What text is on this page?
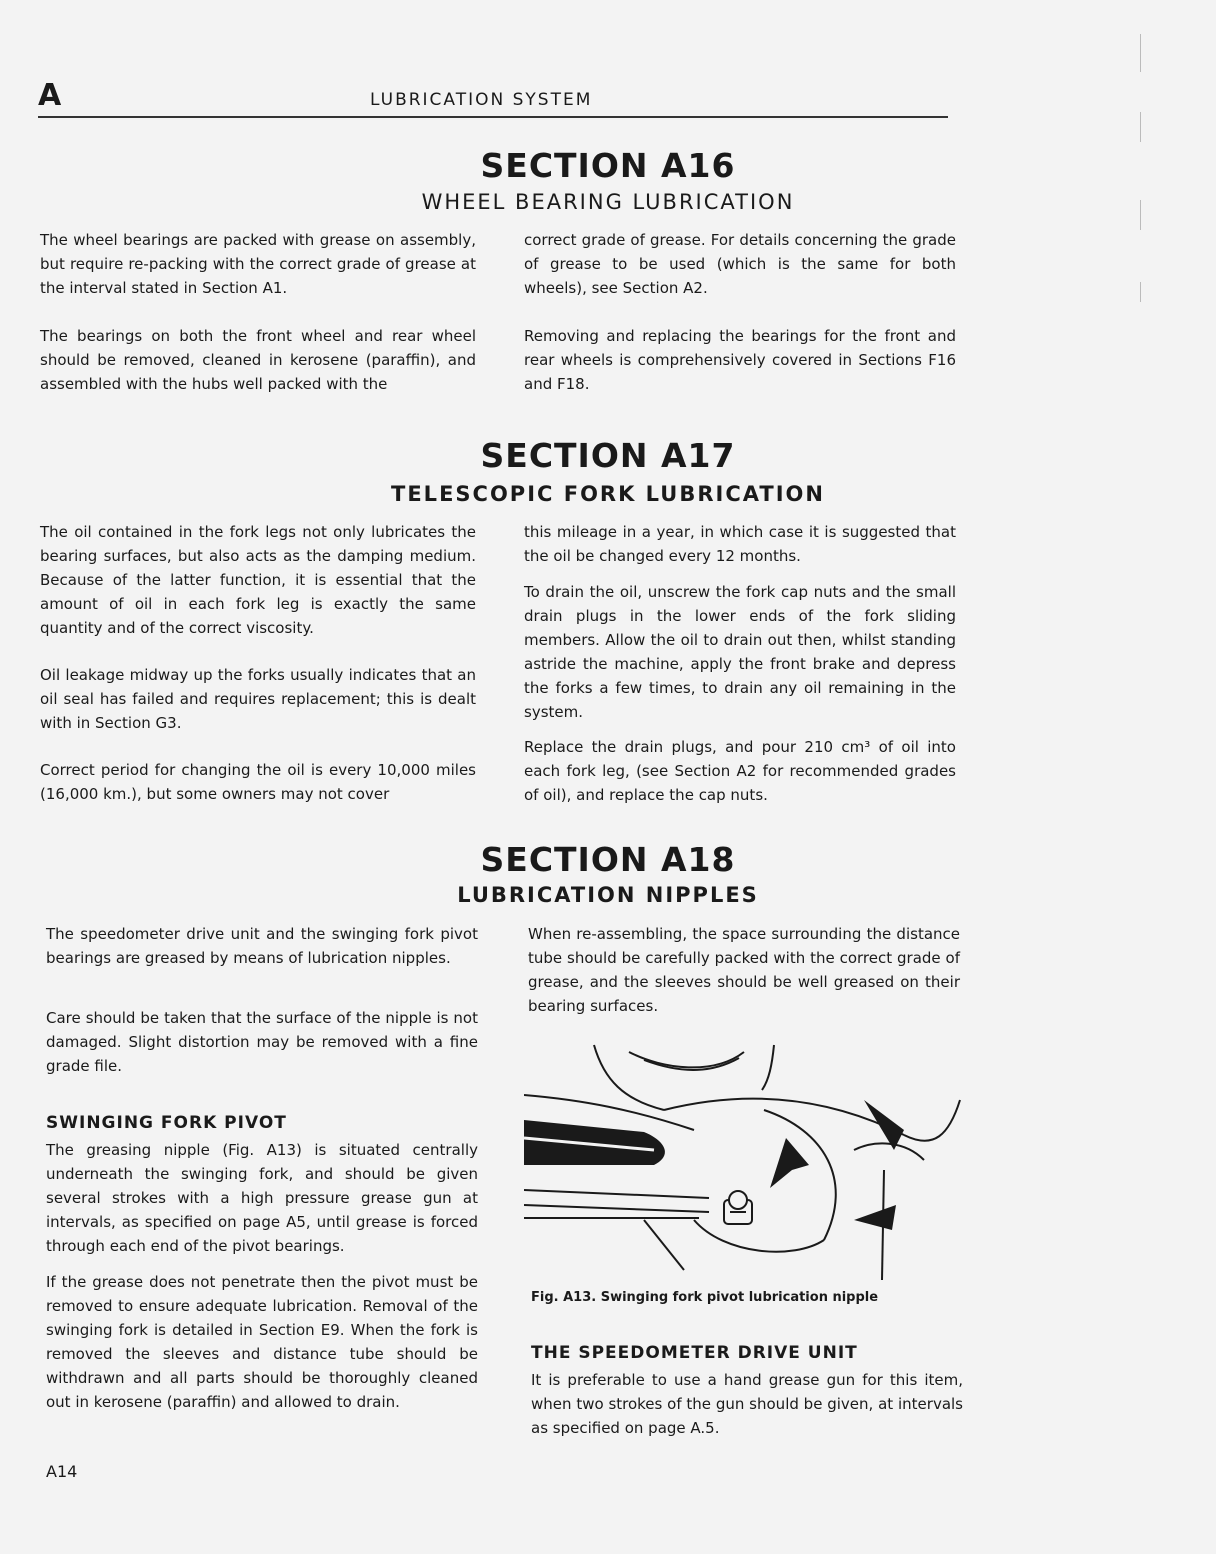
A	LUBRICATION SYSTEM
SECTION A16
WHEEL BEARING LUBRICATION

The wheel bearings are packed with grease on assembly, but require re-packing with the correct grade of grease at the interval stated in Section A1.

The bearings on both the front wheel and rear wheel should be removed, cleaned in kerosene (paraffin), and assembled with the hubs well packed with the

correct grade of grease. For details concerning the grade of grease to be used (which is the same for both wheels), see Section A2.

Removing and replacing the bearings for the front and rear wheels is comprehensively covered in Sections F16 and F18.

SECTION A17
TELESCOPIC FORK LUBRICATION

The oil contained in the fork legs not only lubricates the bearing surfaces, but also acts as the damping medium. Because of the latter function, it is essential that the amount of oil in each fork leg is exactly the same quantity and of the correct viscosity.

Oil leakage midway up the forks usually indicates that an oil seal has failed and requires replacement; this is dealt with in Section G3.

Correct period for changing the oil is every 10,000 miles (16,000 km.), but some owners may not cover

this mileage in a year, in which case it is suggested that the oil be changed every 12 months.

To drain the oil, unscrew the fork cap nuts and the small drain plugs in the lower ends of the fork sliding members. Allow the oil to drain out then, whilst standing astride the machine, apply the front brake and depress the forks a few times, to drain any oil remaining in the system.

Replace the drain plugs, and pour 210 cm³ of oil into each fork leg, (see Section A2 for recommended grades of oil), and replace the cap nuts.

SECTION A18
LUBRICATION NIPPLES

The speedometer drive unit and the swinging fork pivot bearings are greased by means of lubrication nipples.

Care should be taken that the surface of the nipple is not damaged. Slight distortion may be removed with a fine grade file.

When re-assembling, the space surrounding the distance tube should be carefully packed with the correct grade of grease, and the sleeves should be well greased on their bearing surfaces.

SWINGING FORK PIVOT

The greasing nipple (Fig. A13) is situated centrally underneath the swinging fork, and should be given several strokes with a high pressure grease gun at intervals, as specified on page A5, until grease is forced through each end of the pivot bearings.

If the grease does not penetrate then the pivot must be removed to ensure adequate lubrication. Removal of the swinging fork is detailed in Section E9. When the fork is removed the sleeves and distance tube should be withdrawn and all parts should be thoroughly cleaned out in kerosene (paraffin) and allowed to drain.

Fig. A13. Swinging fork pivot lubrication nipple
THE SPEEDOMETER DRIVE UNIT

It is preferable to use a hand grease gun for this item, when two strokes of the gun should be given, at intervals as specified on page A.5.

A14
